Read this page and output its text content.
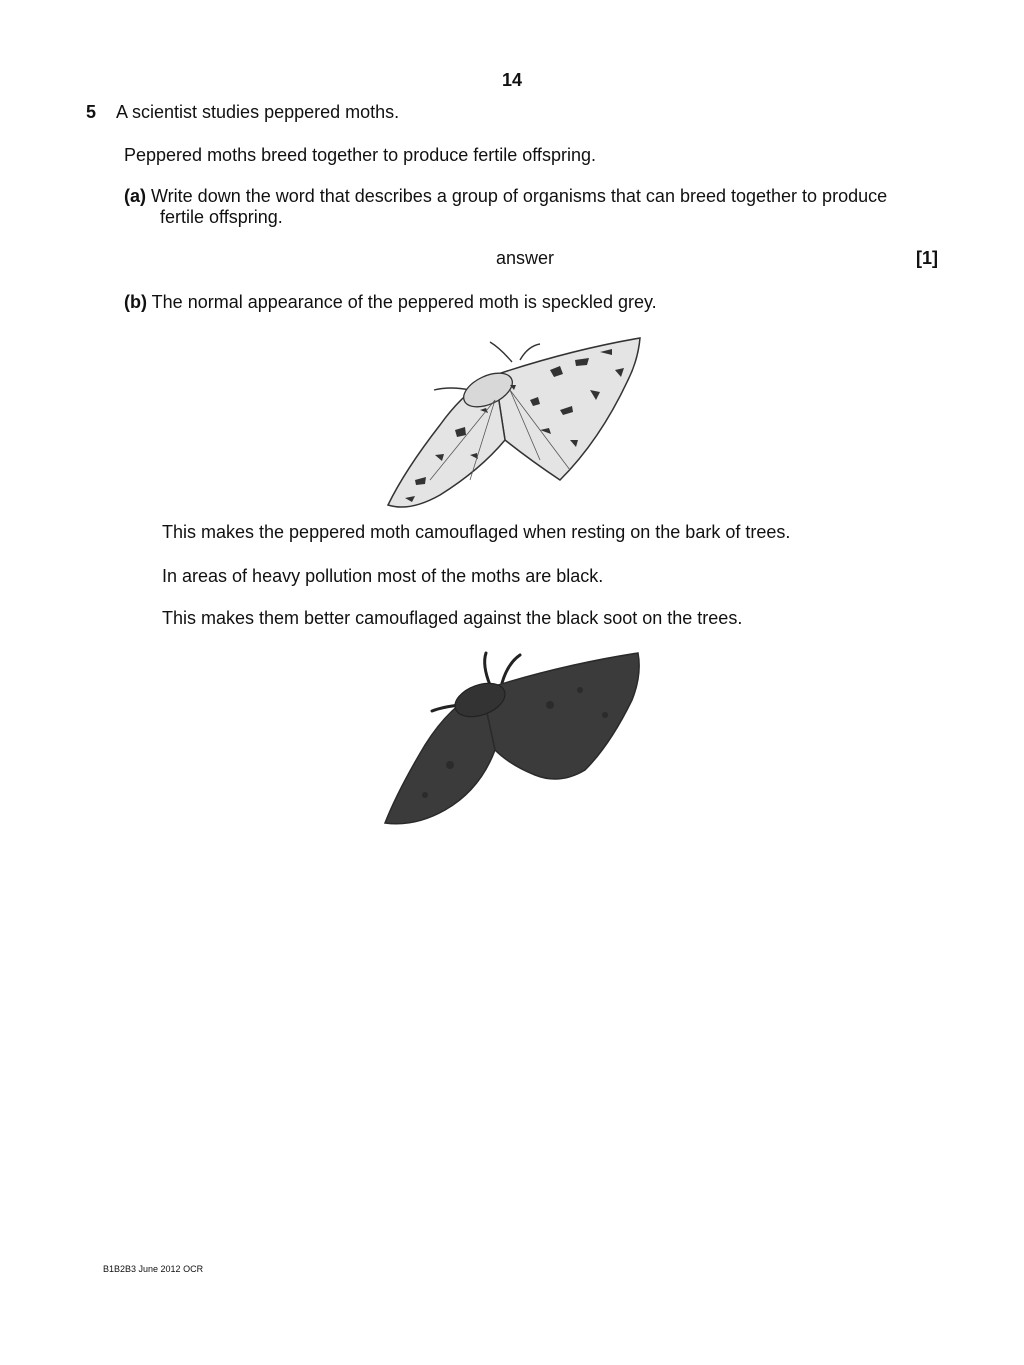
14
5 A scientist studies peppered moths.
Peppered moths breed together to produce fertile offspring.
(a) Write down the word that describes a group of organisms that can breed together to produce
fertile offspring.
answer	[1]
(b) The normal appearance of the peppered moth is speckled grey.
This makes the peppered moth camouflaged when resting on the bark of trees.
In areas of heavy pollution most of the moths are black.
This makes them better camouflaged against the black soot on the trees.
B1B2B3 June 2012 OCR
